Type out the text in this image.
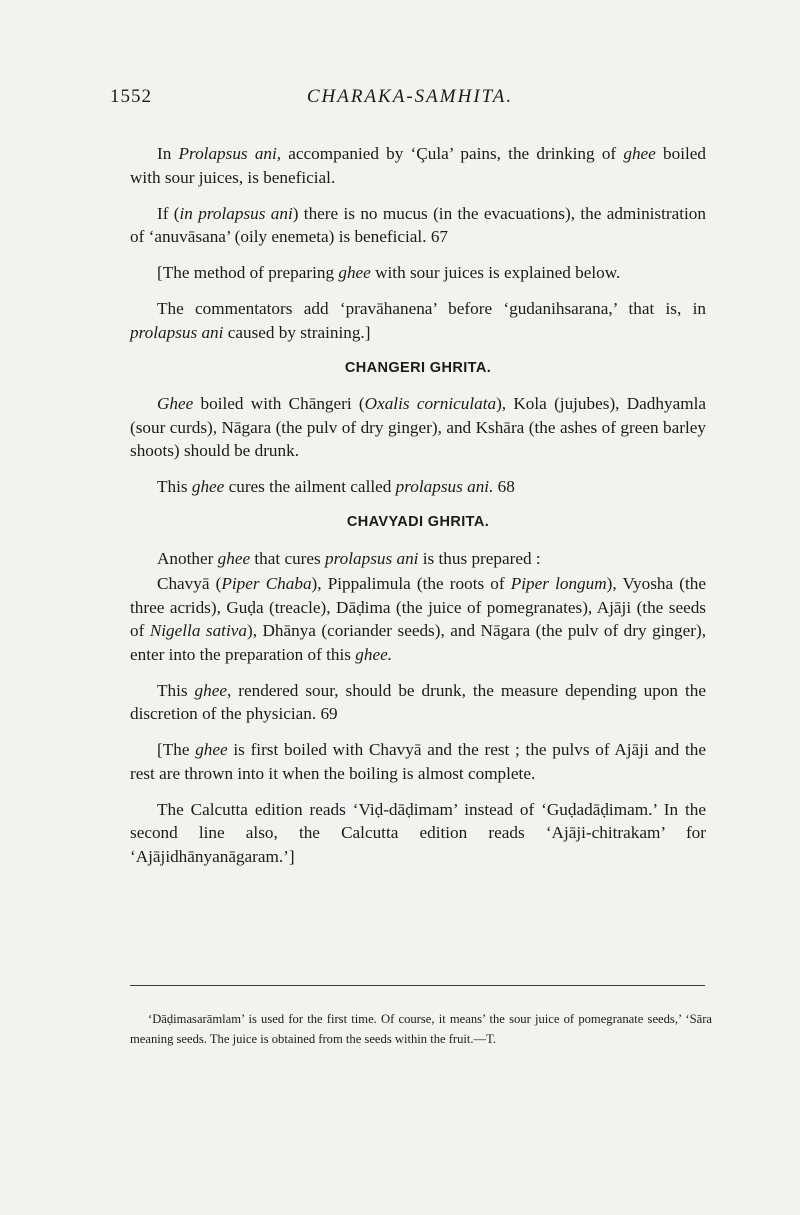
1552	CHARAKA-SAMHITA.

In Prolapsus ani, accompanied by ‘Çula’ pains, the drinking of ghee boiled with sour juices, is beneficial.

If (in prolapsus ani) there is no mucus (in the evacuations), the administration of ‘anuvāsana’ (oily enemeta) is beneficial. 67

[The method of preparing ghee with sour juices is explained below.

The commentators add ‘pravāhanena’ before ‘gudanihsarana,’ that is, in prolapsus ani caused by straining.]

CHANGERI GHRITA.

Ghee boiled with Chāngeri (Oxalis corniculata), Kola (jujubes), Dadhyamla (sour curds), Nāgara (the pulv of dry ginger), and Kshāra (the ashes of green barley shoots) should be drunk.

This ghee cures the ailment called prolapsus ani. 68

CHAVYADI GHRITA.

Another ghee that cures prolapsus ani is thus prepared :

Chavyā (Piper Chaba), Pippalimula (the roots of Piper longum), Vyosha (the three acrids), Guḍa (treacle), Dāḍima (the juice of pomegranates), Ajāji (the seeds of Nigella sativa), Dhānya (coriander seeds), and Nāgara (the pulv of dry ginger), enter into the preparation of this ghee.

This ghee, rendered sour, should be drunk, the measure depending upon the discretion of the physician. 69

[The ghee is first boiled with Chavyā and the rest ; the pulvs of Ajāji and the rest are thrown into it when the boiling is almost complete.

The Calcutta edition reads ‘Viḍ-dāḍimam’ instead of ‘Guḍadāḍimam.’ In the second line also, the Calcutta edition reads ‘Ajāji-chitrakam’ for ‘Ajājidhānyanāgaram.’]

‘Dāḍimasarāmlam’ is used for the first time. Of course, it means’ the sour juice of pomegranate seeds,’ ‘Sāra meaning seeds. The juice is obtained from the seeds within the fruit.—T.
